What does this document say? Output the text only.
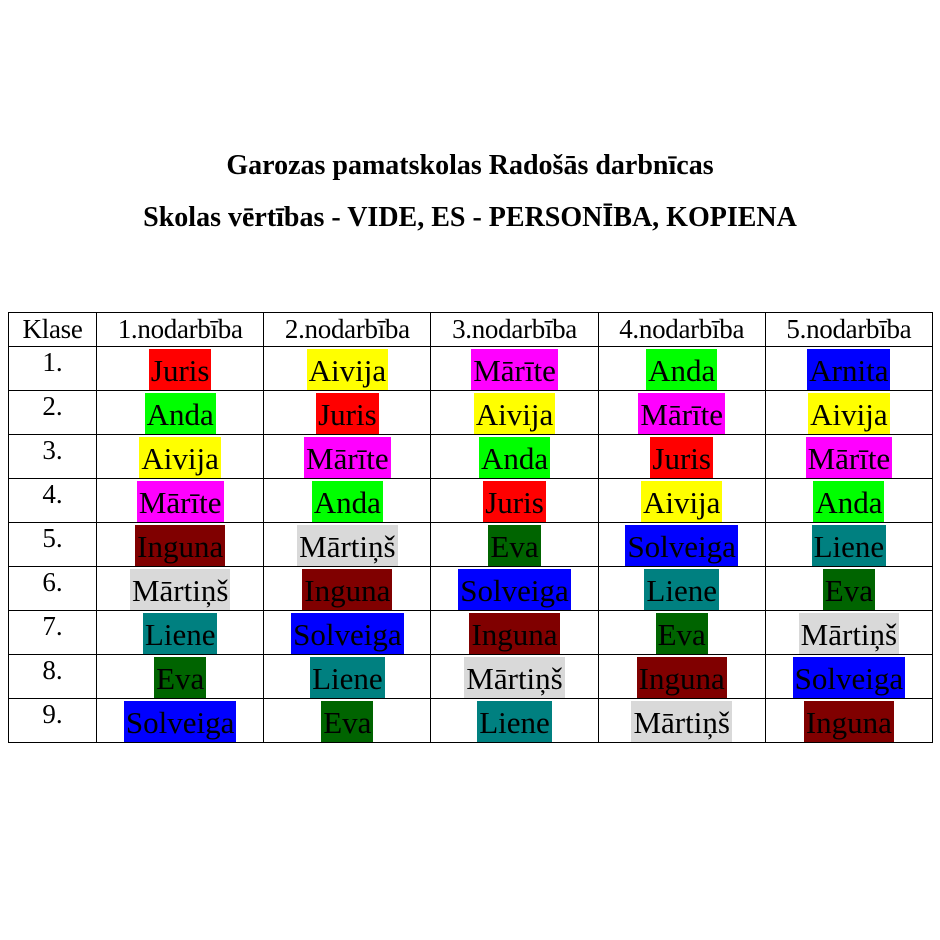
Garozas pamatskolas Radošās darbnīcas
Skolas vērtības - VIDE, ES - PERSONĪBA, KOPIENA
Klase	1.nodarbība	2.nodarbība	3.nodarbība	4.nodarbība	5.nodarbība
1.	Juris	Aivija	Mārīte	Anda	Arnita
2.	Anda	Juris	Aivija	Mārīte	Aivija
3.	Aivija	Mārīte	Anda	Juris	Mārīte
4.	Mārīte	Anda	Juris	Aivija	Anda
5.	Inguna	Mārtiņš	Eva	Solveiga	Liene
6.	Mārtiņš	Inguna	Solveiga	Liene	Eva
7.	Liene	Solveiga	Inguna	Eva	Mārtiņš
8.	Eva	Liene	Mārtiņš	Inguna	Solveiga
9.	Solveiga	Eva	Liene	Mārtiņš	Inguna
